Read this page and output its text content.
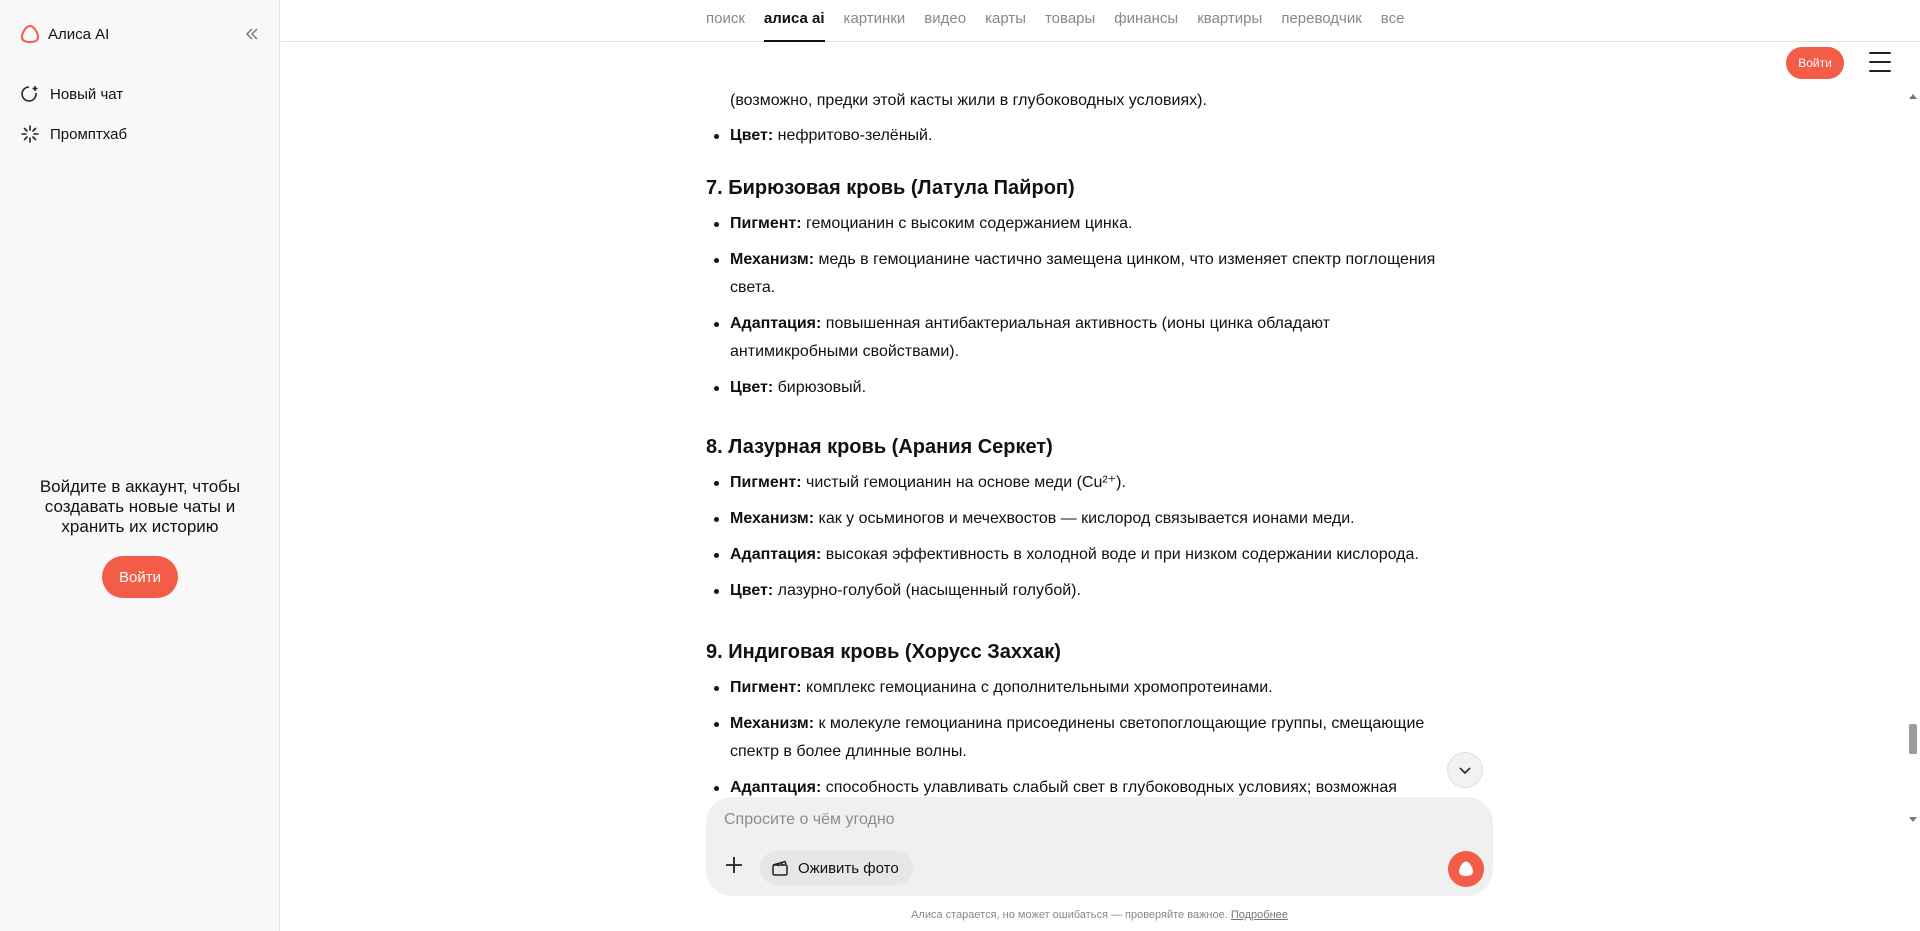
Алиса AI
Новый чат
Промптхаб

Войдите в аккаунт, чтобы создавать новые чаты и хранить их историю

Войти
поиск алиса ai картинки видео карты товары финансы квартиры переводчик все
Войти

(возможно, предки этой касты жили в глубоководных условиях).

Цвет: нефритово-зелёный.
7. Бирюзовая кровь (Латула Пайроп)
Пигмент: гемоцианин с высоким содержанием цинка.
Механизм: медь в гемоцианине частично замещена цинком, что изменяет спектр поглощения света.
Адаптация: повышенная антибактериальная активность (ионы цинка обладают антимикробными свойствами).
Цвет: бирюзовый.
8. Лазурная кровь (Арания Серкет)
Пигмент: чистый гемоцианин на основе меди (Cu²⁺).
Механизм: как у осьминогов и мечехвостов — кислород связывается ионами меди.
Адаптация: высокая эффективность в холодной воде и при низком содержании кислорода.
Цвет: лазурно-голубой (насыщенный голубой).
9. Индиговая кровь (Хорусс Заххак)
Пигмент: комплекс гемоцианина с дополнительными хромопротеинами.
Механизм: к молекуле гемоцианина присоединены светопоглощающие группы, смещающие спектр в более длинные волны.
Адаптация: способность улавливать слабый свет в глубоководных условиях; возможная
Спросите о чём угодно
Оживить фото

Алиса старается, но может ошибаться — проверяйте важное. Подробнее
